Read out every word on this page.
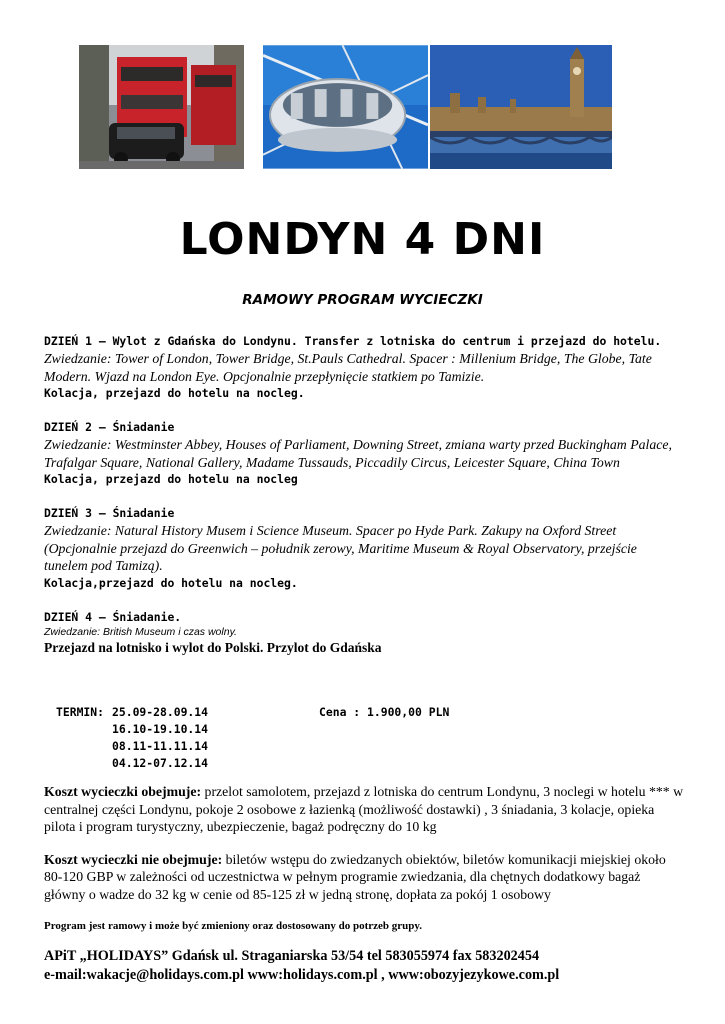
LONDYN 4 DNI
RAMOWY PROGRAM WYCIECZKI
DZIEŃ 1 – Wylot z Gdańska do Londynu. Transfer z lotniska do centrum i przejazd do hotelu.
Zwiedzanie: Tower of London, Tower Bridge, St.Pauls Cathedral. Spacer : Millenium Bridge, The Globe, Tate Modern. Wjazd na London Eye. Opcjonalnie przepłynięcie statkiem po Tamizie.
Kolacja, przejazd do hotelu na nocleg.
DZIEŃ 2 – Śniadanie
Zwiedzanie: Westminster Abbey, Houses of Parliament, Downing Street, zmiana warty przed Buckingham Palace, Trafalgar Square, National Gallery, Madame Tussauds, Piccadily Circus, Leicester Square, China Town
Kolacja, przejazd do hotelu na nocleg
DZIEŃ 3 – Śniadanie
Zwiedzanie: Natural History Musem i Science Museum. Spacer po Hyde Park. Zakupy na Oxford Street (Opcjonalnie przejazd do Greenwich – południk zerowy, Maritime Museum & Royal Observatory, przejście tunelem pod Tamizą).
Kolacja,przejazd do hotelu na nocleg.
DZIEŃ 4 – Śniadanie.
Zwiedzanie: British Museum i czas wolny.
Przejazd na lotnisko i wylot do Polski. Przylot do Gdańska
TERMIN: 25.09-28.09.14	Cena : 1.900,00 PLN
16.10-19.10.14
08.11-11.11.14
04.12-07.12.14

Koszt wycieczki obejmuje: przelot samolotem, przejazd z lotniska do centrum Londynu, 3 noclegi w hotelu *** w centralnej części Londynu, pokoje 2 osobowe z łazienką (możliwość dostawki) , 3 śniadania, 3 kolacje, opieka pilota i program turystyczny, ubezpieczenie, bagaż podręczny do 10 kg

Koszt wycieczki nie obejmuje: biletów wstępu do zwiedzanych obiektów, biletów komunikacji miejskiej około 80-120 GBP w zależności od uczestnictwa w pełnym programie zwiedzania, dla chętnych dodatkowy bagaż główny o wadze do 32 kg w cenie od 85-125 zł w jedną stronę, dopłata za pokój 1 osobowy

Program jest ramowy i może być zmieniony oraz dostosowany do potrzeb grupy.
APiT „HOLIDAYS” Gdańsk ul. Straganiarska 53/54 tel 583055974 fax 583202454
e-mail:wakacje@holidays.com.pl www:holidays.com.pl , www:obozyjezykowe.com.pl
